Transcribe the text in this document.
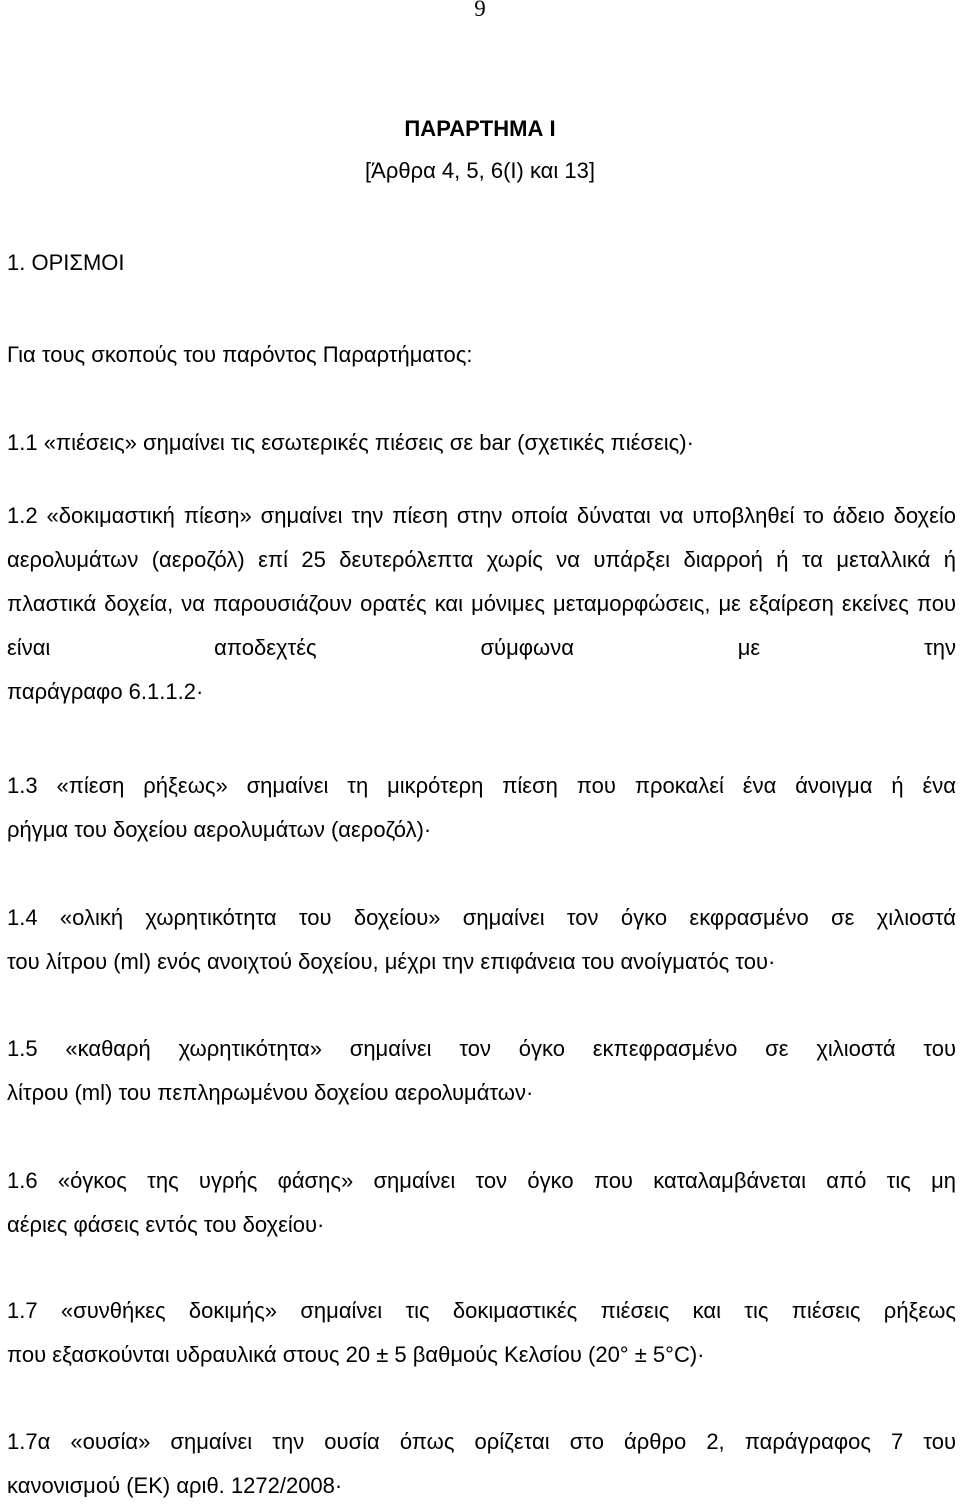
9
ΠΑΡΑΡΤΗΜΑ Ι
[Άρθρα 4, 5, 6(Ι) και 13]
1. ΟΡΙΣΜΟΙ
Για τους σκοπούς του παρόντος Παραρτήματος:
1.1 «πιέσεις» σημαίνει τις εσωτερικές πιέσεις σε bar (σχετικές πιέσεις)·
1.2 «δοκιμαστική πίεση» σημαίνει την πίεση στην οποία δύναται να υποβληθεί το άδειο δοχείο αερολυμάτων (αεροζόλ) επί 25 δευτερόλεπτα χωρίς να υπάρξει διαρροή ή τα μεταλλικά ή πλαστικά δοχεία, να παρουσιάζουν ορατές και μόνιμες μεταμορφώσεις, με εξαίρεση εκείνες που είναι αποδεχτές σύμφωνα με την
παράγραφο 6.1.1.2·
1.3 «πίεση ρήξεως» σημαίνει τη μικρότερη πίεση που προκαλεί ένα άνοιγμα ή ένα
ρήγμα του δοχείου αερολυμάτων (αεροζόλ)·
1.4 «ολική χωρητικότητα του δοχείου» σημαίνει τον όγκο εκφρασμένο σε χιλιοστά
του λίτρου (ml) ενός ανοιχτού δοχείου, μέχρι την επιφάνεια του ανοίγματός του·
1.5 «καθαρή χωρητικότητα» σημαίνει τον όγκο εκπεφρασμένο σε χιλιοστά του
λίτρου (ml) του πεπληρωμένου δοχείου αερολυμάτων·
1.6 «όγκος της υγρής φάσης» σημαίνει τον όγκο που καταλαμβάνεται από τις μη
αέριες φάσεις εντός του δοχείου·
1.7 «συνθήκες δοκιμής» σημαίνει τις δοκιμαστικές πιέσεις και τις πιέσεις ρήξεως
που εξασκούνται υδραυλικά στους 20 ± 5 βαθμούς Κελσίου (20° ± 5°C)·
1.7α «ουσία» σημαίνει την ουσία όπως ορίζεται στο άρθρο 2, παράγραφος 7 του
κανονισμού (ΕΚ) αριθ. 1272/2008·
